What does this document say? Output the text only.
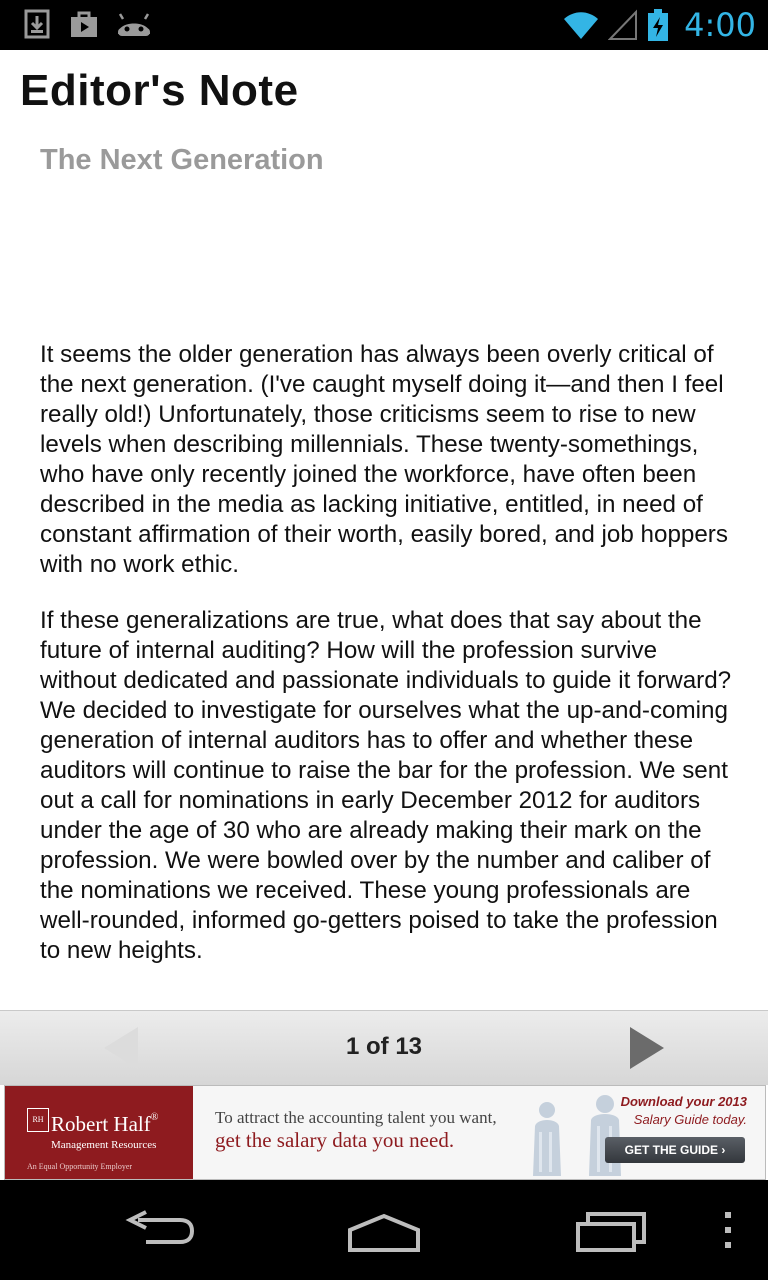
4:00
Editor's Note
The Next Generation

It seems the older generation has always been overly critical of the next generation. (I've caught myself doing it—and then I feel really old!) Unfortunately, those criticisms seem to rise to new levels when describing millennials. These twenty-somethings, who have only recently joined the workforce, have often been described in the media as lacking initiative, entitled, in need of constant affirmation of their worth, easily bored, and job hoppers with no work ethic.

If these generalizations are true, what does that say about the future of internal auditing? How will the profession survive without dedicated and passionate individuals to guide it forward? We decided to investigate for ourselves what the up-and-coming generation of internal auditors has to offer and whether these auditors will continue to raise the bar for the profession. We sent out a call for nominations in early December 2012 for auditors under the age of 30 who are already making their mark on the profession. We were bowled over by the number and caliber of the nominations we received. These young professionals are well-rounded, informed go-getters poised to take the profession to new heights.

1 of 13
RH Robert Half®
Management Resources
An Equal Opportunity Employer
To attract the accounting talent you want,
get the salary data you need.
Download your 2013
Salary Guide today.
GET THE GUIDE ›
